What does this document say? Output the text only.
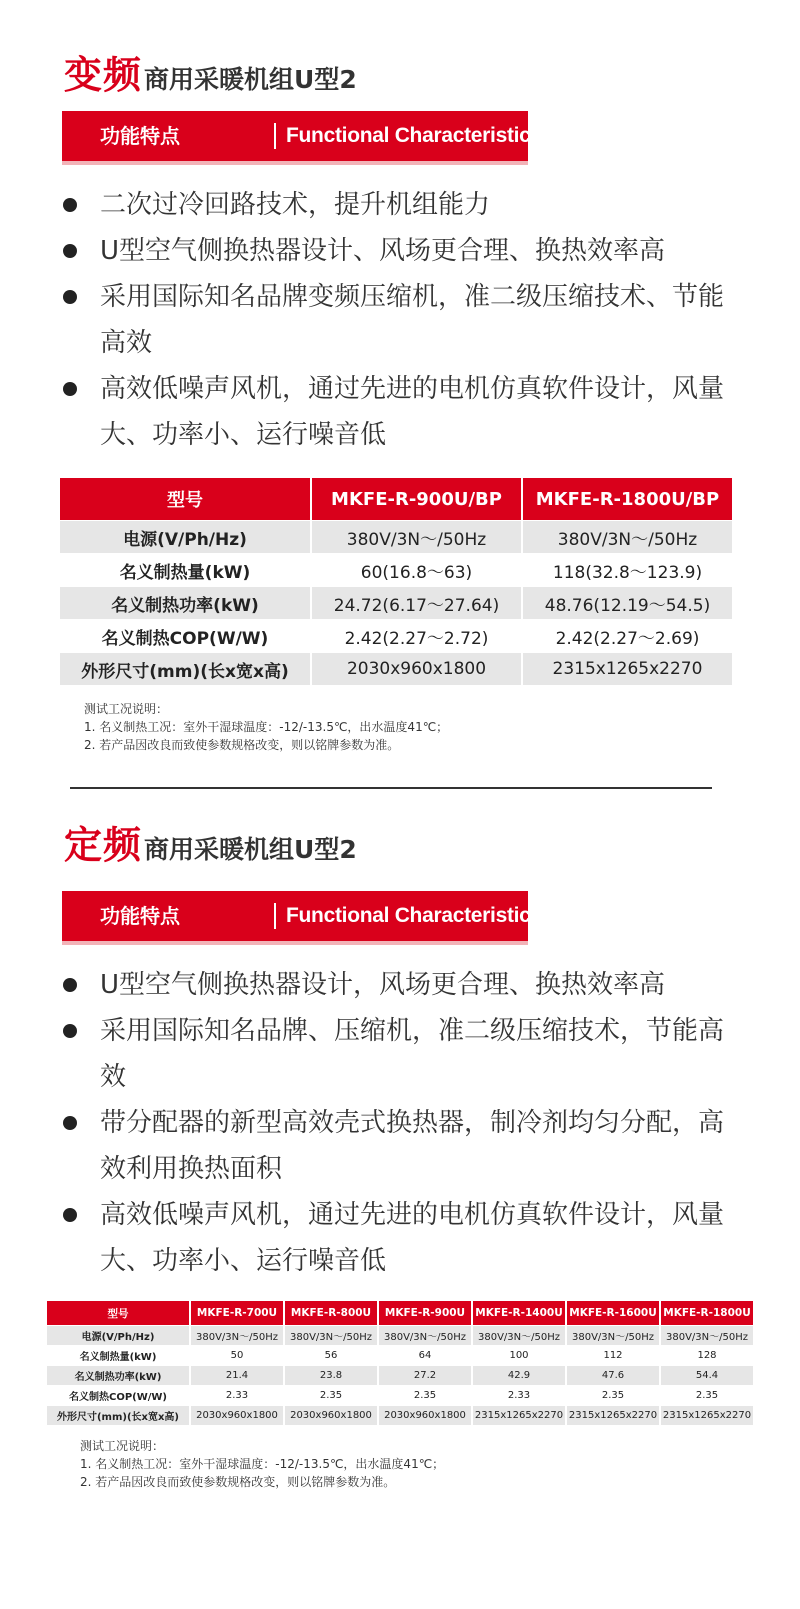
变频商用采暖机组U型2
功能特点	Functional Characteristics
二次过冷回路技术，提升机组能力
U型空气侧换热器设计、风场更合理、换热效率高
采用国际知名品牌变频压缩机，准二级压缩技术、节能高效
高效低噪声风机，通过先进的电机仿真软件设计，风量大、功率小、运行噪音低
型号	MKFE-R-900U/BP	MKFE-R-1800U/BP
电源(V/Ph/Hz)	380V/3N～/50Hz	380V/3N～/50Hz
名义制热量(kW)	60(16.8～63)	118(32.8～123.9)
名义制热功率(kW)	24.72(6.17～27.64)	48.76(12.19～54.5)
名义制热COP(W/W)	2.42(2.27～2.72)	2.42(2.27～2.69)
外形尺寸(mm)(长x宽x高)	2030x960x1800	2315x1265x2270
测试工况说明：
1. 名义制热工况：室外干湿球温度：-12/-13.5℃，出水温度41℃；
2. 若产品因改良而致使参数规格改变，则以铭牌参数为准。
定频商用采暖机组U型2
功能特点	Functional Characteristics
U型空气侧换热器设计，风场更合理、换热效率高
采用国际知名品牌、压缩机，准二级压缩技术，节能高效
带分配器的新型高效壳式换热器，制冷剂均匀分配，高效利用换热面积
高效低噪声风机，通过先进的电机仿真软件设计，风量大、功率小、运行噪音低
型号	MKFE-R-700U	MKFE-R-800U	MKFE-R-900U	MKFE-R-1400U	MKFE-R-1600U	MKFE-R-1800U
电源(V/Ph/Hz)	380V/3N～/50Hz	380V/3N～/50Hz	380V/3N～/50Hz	380V/3N～/50Hz	380V/3N～/50Hz	380V/3N～/50Hz
名义制热量(kW)	50	56	64	100	112	128
名义制热功率(kW)	21.4	23.8	27.2	42.9	47.6	54.4
名义制热COP(W/W)	2.33	2.35	2.35	2.33	2.35	2.35
外形尺寸(mm)(长x宽x高)	2030x960x1800	2030x960x1800	2030x960x1800	2315x1265x2270	2315x1265x2270	2315x1265x2270
测试工况说明：
1. 名义制热工况：室外干湿球温度：-12/-13.5℃，出水温度41℃；
2. 若产品因改良而致使参数规格改变，则以铭牌参数为准。
